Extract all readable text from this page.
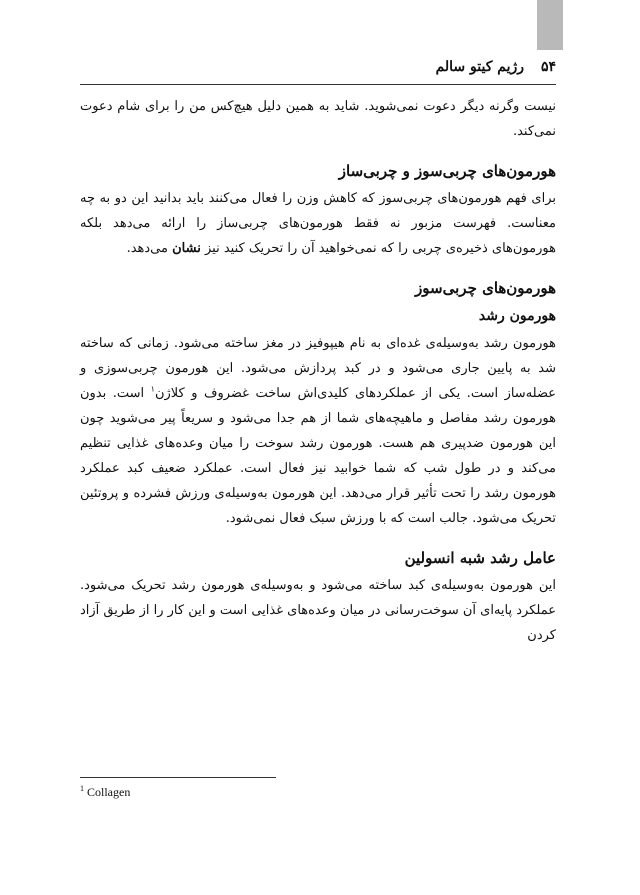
۵۴
رژیم کیتو سالم

نیست وگرنه دیگر دعوت نمی‌شوید. شاید به همین دلیل هیچ‌کس من را برای شام دعوت نمی‌کند.

هورمون‌های چربی‌سوز و چربی‌ساز

برای فهم هورمون‌های چربی‌سوز که کاهش وزن را فعال می‌کنند باید بدانید این دو به چه معناست. فهرست مزبور نه فقط هورمون‌های چربی‌ساز را ارائه می‌دهد بلکه هورمون‌های ذخیره‌ی چربی را که نمی‌خواهید آن را تحریک کنید نیز نشان می‌دهد.

هورمون‌های چربی‌سوز
هورمون رشد

هورمون رشد به‌وسیله‌ی غده‌ای به نام هیپوفیز در مغز ساخته می‌شود. زمانی که ساخته شد به پایین جاری می‌شود و در کبد پردازش می‌شود. این هورمون چربی‌سوزی و عضله‌ساز است. یکی از عملکردهای کلیدی‌اش ساخت غضروف و کلاژن$^۱$ است. بدون هورمون رشد مفاصل و ماهیچه‌های شما از هم جدا می‌شود و سریعاً پیر می‌شوید چون این هورمون ضدپیری هم هست. هورمون رشد سوخت را میان وعده‌های غذایی تنظیم می‌کند و در طول شب که شما خوابید نیز فعال است. عملکرد ضعیف کبد عملکرد هورمون رشد را تحت تأثیر قرار می‌دهد. این هورمون به‌وسیله‌ی ورزش فشرده و پروتئین تحریک می‌شود. جالب است که با ورزش سبک فعال نمی‌شود.

عامل رشد شبه انسولین

این هورمون به‌وسیله‌ی کبد ساخته می‌شود و به‌وسیله‌ی هورمون رشد تحریک می‌شود. عملکرد پایه‌ای آن سوخت‌رسانی در میان وعده‌های غذایی است و این کار را از طریق آزاد کردن

$^1$ Collagen
